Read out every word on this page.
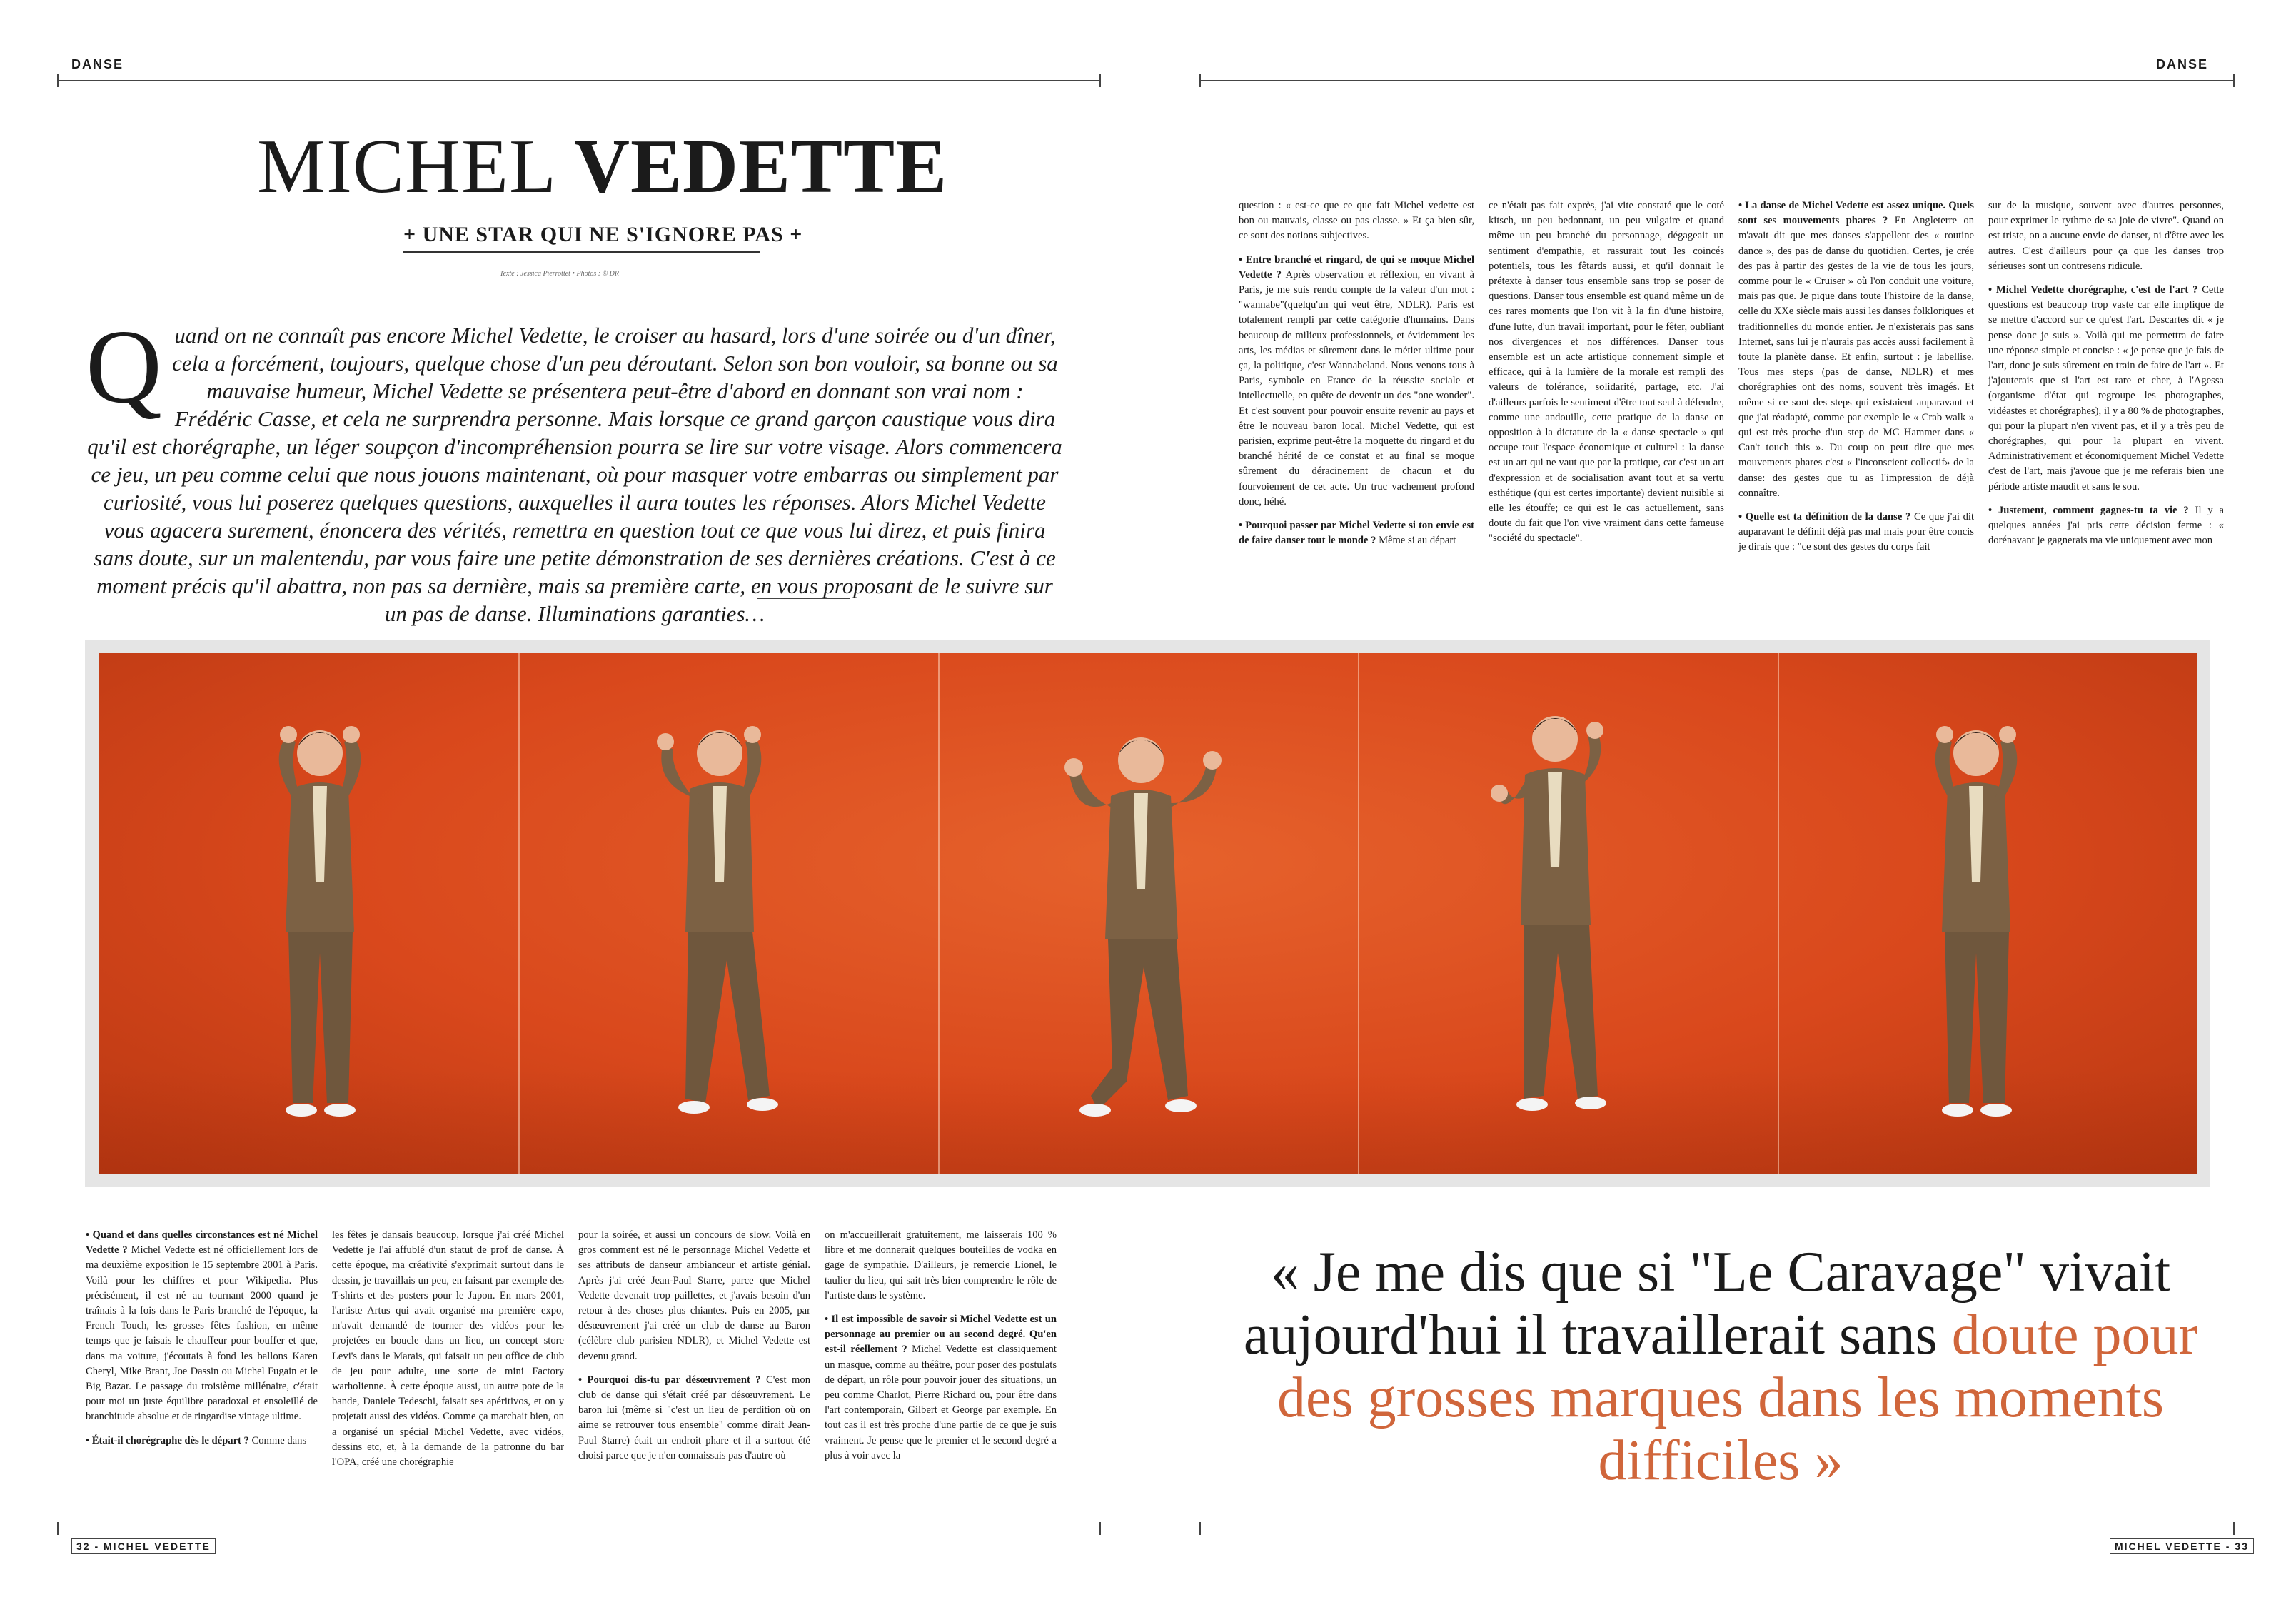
DANSE	DANSE
MICHEL VEDETTE
+ UNE STAR QUI NE S'IGNORE PAS +
Texte : Jessica Pierrottet • Photos : © DR
Q uand on ne connaît pas encore Michel Vedette, le croiser au hasard, lors d'une soirée ou d'un dîner, cela a forcément, toujours, quelque chose d'un peu déroutant. Selon son bon vouloir, sa bonne ou sa mauvaise humeur, Michel Vedette se présentera peut-être d'abord en donnant son vrai nom : Frédéric Casse, et cela ne surprendra personne. Mais lorsque ce grand garçon caustique vous dira qu'il est chorégraphe, un léger soupçon d'incompréhension pourra se lire sur votre visage. Alors commencera ce jeu, un peu comme celui que nous jouons maintenant, où pour masquer votre embarras ou simplement par curiosité, vous lui poserez quelques questions, auxquelles il aura toutes les réponses. Alors Michel Vedette vous agacera surement, énoncera des vérités, remettra en question tout ce que vous lui direz, et puis finira sans doute, sur un malentendu, par vous faire une petite démonstration de ses dernières créations. C'est à ce moment précis qu'il abattra, non pas sa dernière, mais sa première carte, en vous proposant de le suivre sur un pas de danse. Illuminations garanties…

question : « est-ce que ce que fait Michel vedette est bon ou mauvais, classe ou pas classe. » Et ça bien sûr, ce sont des notions subjectives.

• Entre branché et ringard, de qui se moque Michel Vedette ? Après observation et réflexion, en vivant à Paris, je me suis rendu compte de la valeur d'un mot : "wannabe"(quelqu'un qui veut être, NDLR). Paris est totalement rempli par cette catégorie d'humains. Dans beaucoup de milieux professionnels, et évidemment les arts, les médias et sûrement dans le métier ultime pour ça, la politique, c'est Wannabeland. Nous venons tous à Paris, symbole en France de la réussite sociale et intellectuelle, en quête de devenir un des "one wonder". Et c'est souvent pour pouvoir ensuite revenir au pays et être le nouveau baron local. Michel Vedette, qui est parisien, exprime peut-être la moquette du ringard et du branché hérité de ce constat et au final se moque sûrement du déracinement de chacun et du fourvoiement de cet acte. Un truc vachement profond donc, héhé.

• Pourquoi passer par Michel Vedette si ton envie est de faire danser tout le monde ? Même si au départ

ce n'était pas fait exprès, j'ai vite constaté que le coté kitsch, un peu bedonnant, un peu vulgaire et quand même un peu branché du personnage, dégageait un sentiment d'empathie, et rassurait tout les coincés potentiels, tous les fêtards aussi, et qu'il donnait le prétexte à danser tous ensemble sans trop se poser de questions. Danser tous ensemble est quand même un de ces rares moments que l'on vit à la fin d'une histoire, d'une lutte, d'un travail important, pour le fêter, oubliant nos divergences et nos différences. Danser tous ensemble est un acte artistique connement simple et efficace, qui à la lumière de la morale est rempli des valeurs de tolérance, solidarité, partage, etc. J'ai d'ailleurs parfois le sentiment d'être tout seul à défendre, comme une andouille, cette pratique de la danse en opposition à la dictature de la « danse spectacle » qui occupe tout l'espace économique et culturel : la danse est un art qui ne vaut que par la pratique, car c'est un art d'expression et de socialisation avant tout et sa vertu esthétique (qui est certes importante) devient nuisible si elle les étouffe; ce qui est le cas actuellement, sans doute du fait que l'on vive vraiment dans cette fameuse "société du spectacle".

• La danse de Michel Vedette est assez unique. Quels sont ses mouvements phares ? En Angleterre on m'avait dit que mes danses s'appellent des « routine dance », des pas de danse du quotidien. Certes, je crée des pas à partir des gestes de la vie de tous les jours, comme pour le « Cruiser » où l'on conduit une voiture, mais pas que. Je pique dans toute l'histoire de la danse, celle du XXe siècle mais aussi les danses folkloriques et traditionnelles du monde entier. Je n'existerais pas sans Internet, sans lui je n'aurais pas accès aussi facilement à toute la planète danse. Et enfin, surtout : je labellise. Tous mes steps (pas de danse, NDLR) et mes chorégraphies ont des noms, souvent très imagés. Et même si ce sont des steps qui existaient auparavant et que j'ai réadapté, comme par exemple le « Crab walk » qui est très proche d'un step de MC Hammer dans « Can't touch this ». Du coup on peut dire que mes mouvements phares c'est « l'inconscient collectif» de la danse: des gestes que tu as l'impression de déjà connaître.

• Quelle est ta définition de la danse ? Ce que j'ai dit auparavant le définit déjà pas mal mais pour être concis je dirais que : "ce sont des gestes du corps fait

sur de la musique, souvent avec d'autres personnes, pour exprimer le rythme de sa joie de vivre". Quand on est triste, on a aucune envie de danser, ni d'être avec les autres. C'est d'ailleurs pour ça que les danses trop sérieuses sont un contresens ridicule.

• Michel Vedette chorégraphe, c'est de l'art ? Cette questions est beaucoup trop vaste car elle implique de se mettre d'accord sur ce qu'est l'art. Descartes dit « je pense donc je suis ». Voilà qui me permettra de faire une réponse simple et concise : « je pense que je fais de l'art, donc je suis sûrement en train de faire de l'art ». Et j'ajouterais que si l'art est rare et cher, à l'Agessa (organisme d'état qui regroupe les photographes, vidéastes et chorégraphes), il y a 80 % de photographes, qui pour la plupart n'en vivent pas, et il y a très peu de chorégraphes, qui pour la plupart en vivent. Administrativement et économiquement Michel Vedette c'est de l'art, mais j'avoue que je me referais bien une période artiste maudit et sans le sou.

• Justement, comment gagnes-tu ta vie ? Il y a quelques années j'ai pris cette décision ferme : « dorénavant je gagnerais ma vie uniquement avec mon

• Quand et dans quelles circonstances est né Michel Vedette ? Michel Vedette est né officiellement lors de ma deuxième exposition le 15 septembre 2001 à Paris. Voilà pour les chiffres et pour Wikipedia. Plus précisément, il est né au tournant 2000 quand je traînais à la fois dans le Paris branché de l'époque, la French Touch, les grosses fêtes fashion, en même temps que je faisais le chauffeur pour bouffer et que, dans ma voiture, j'écoutais à fond les ballons Karen Cheryl, Mike Brant, Joe Dassin ou Michel Fugain et le Big Bazar. Le passage du troisième millénaire, c'était pour moi un juste équilibre paradoxal et ensoleillé de branchitude absolue et de ringardise vintage ultime.

• Était-il chorégraphe dès le départ ? Comme dans

les fêtes je dansais beaucoup, lorsque j'ai créé Michel Vedette je l'ai affublé d'un statut de prof de danse. À cette époque, ma créativité s'exprimait surtout dans le dessin, je travaillais un peu, en faisant par exemple des T-shirts et des posters pour le Japon. En mars 2001, l'artiste Artus qui avait organisé ma première expo, m'avait demandé de tourner des vidéos pour les projetées en boucle dans un lieu, un concept store Levi's dans le Marais, qui faisait un peu office de club de jeu pour adulte, une sorte de mini Factory warholienne. À cette époque aussi, un autre pote de la bande, Daniele Tedeschi, faisait ses apéritivos, et on y projetait aussi des vidéos. Comme ça marchait bien, on a organisé un spécial Michel Vedette, avec vidéos, dessins etc, et, à la demande de la patronne du bar l'OPA, créé une chorégraphie

pour la soirée, et aussi un concours de slow. Voilà en gros comment est né le personnage Michel Vedette et ses attributs de danseur ambianceur et artiste génial. Après j'ai créé Jean-Paul Starre, parce que Michel Vedette devenait trop paillettes, et j'avais besoin d'un retour à des choses plus chiantes. Puis en 2005, par désœuvrement j'ai créé un club de danse au Baron (célèbre club parisien NDLR), et Michel Vedette est devenu grand.

• Pourquoi dis-tu par désœuvrement ? C'est mon club de danse qui s'était créé par désœuvrement. Le baron lui (même si "c'est un lieu de perdition où on aime se retrouver tous ensemble" comme dirait Jean-Paul Starre) était un endroit phare et il a surtout été choisi parce que je n'en connaissais pas d'autre où

on m'accueillerait gratuitement, me laisserais 100 % libre et me donnerait quelques bouteilles de vodka en gage de sympathie. D'ailleurs, je remercie Lionel, le taulier du lieu, qui sait très bien comprendre le rôle de l'artiste dans le système.

• Il est impossible de savoir si Michel Vedette est un personnage au premier ou au second degré. Qu'en est-il réellement ? Michel Vedette est classiquement un masque, comme au théâtre, pour poser des postulats de départ, un rôle pour pouvoir jouer des situations, un peu comme Charlot, Pierre Richard ou, pour être dans l'art contemporain, Gilbert et George par exemple. En tout cas il est très proche d'une partie de ce que je suis vraiment. Je pense que le premier et le second degré a plus à voir avec la

« Je me dis que si "Le Caravage" vivait aujourd'hui il travaillerait sans doute pour des grosses marques dans les moments difficiles »
32 - MICHEL VEDETTE	MICHEL VEDETTE - 33
